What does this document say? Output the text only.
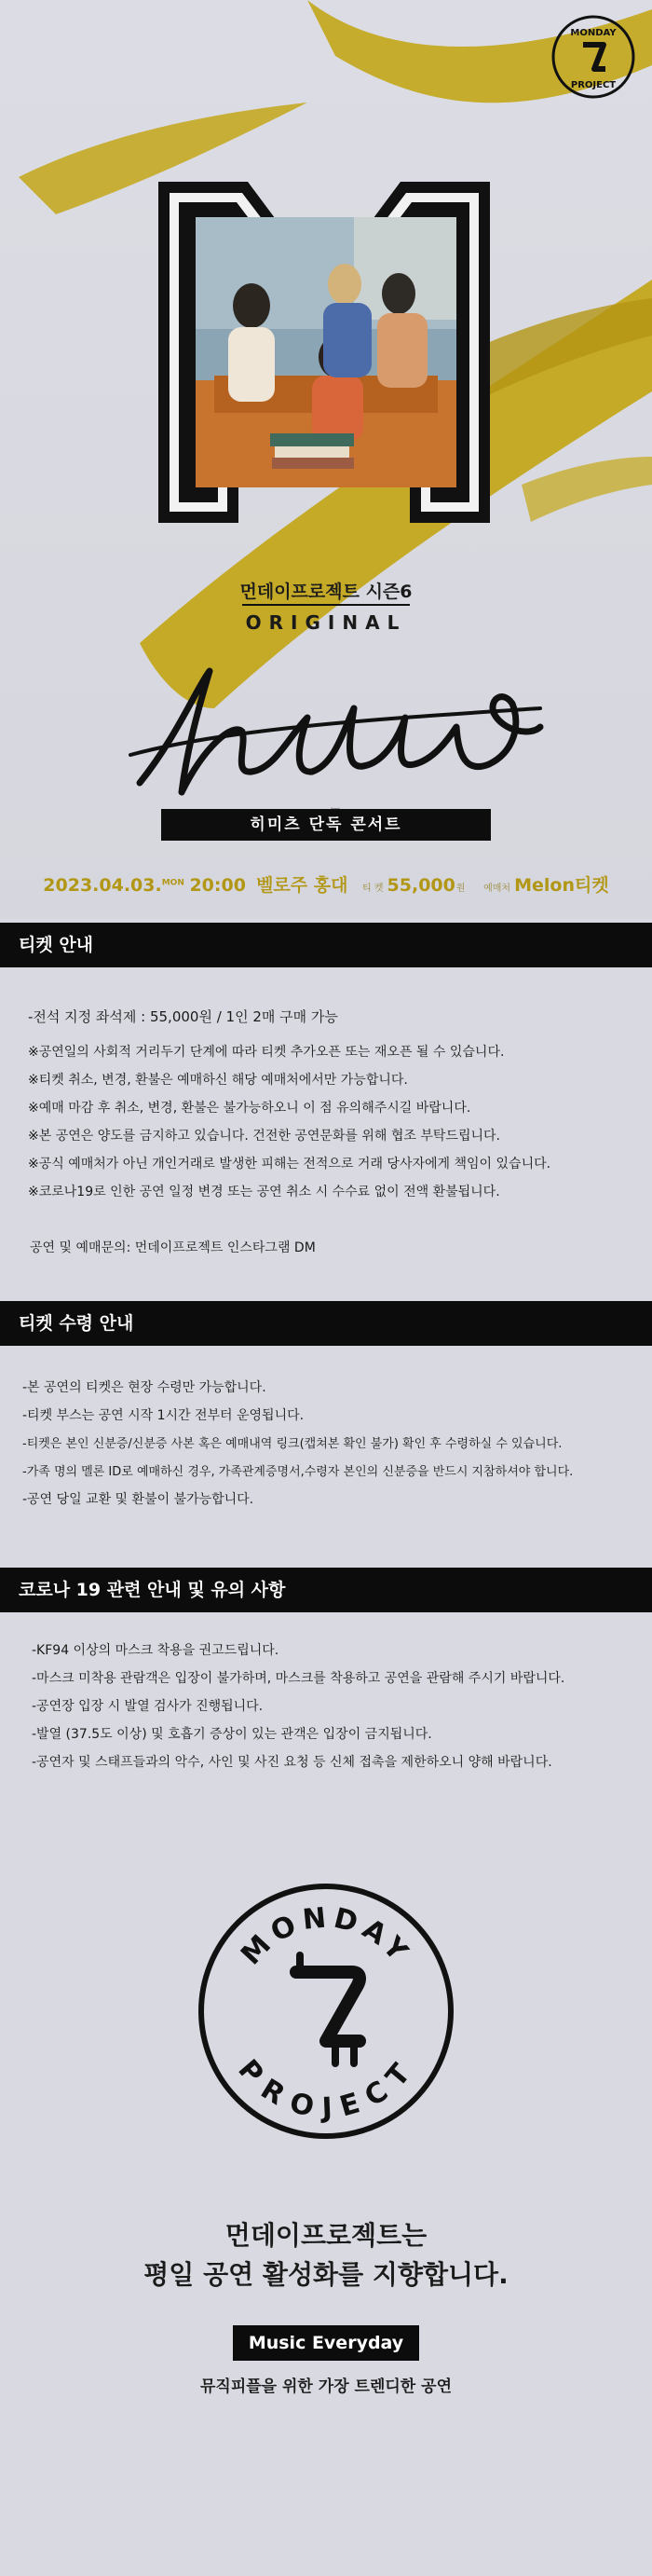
MONDAY
PROJECT
먼데이프로젝트 시즌6
ORIGINAL
히미츠 단독 콘서트
2023.04.03.$^{MON}$ 20:00 벨로주 홍대 티 켓 55,000원 예매처 Melon티켓
티켓 안내
-전석 지정 좌석제 : 55,000원 / 1인 2매 구매 가능
※공연일의 사회적 거리두기 단계에 따라 티켓 추가오픈 또는 재오픈 될 수 있습니다.
※티켓 취소, 변경, 환불은 예매하신 해당 예매처에서만 가능합니다.
※예매 마감 후 취소, 변경, 환불은 불가능하오니 이 점 유의해주시길 바랍니다.
※본 공연은 양도를 금지하고 있습니다. 건전한 공연문화를 위해 협조 부탁드립니다.
※공식 예매처가 아닌 개인거래로 발생한 피해는 전적으로 거래 당사자에게 책임이 있습니다.
※코로나19로 인한 공연 일정 변경 또는 공연 취소 시 수수료 없이 전액 환불됩니다.
공연 및 예매문의: 먼데이프로젝트 인스타그램 DM
티켓 수령 안내
-본 공연의 티켓은 현장 수령만 가능합니다.
-티켓 부스는 공연 시작 1시간 전부터 운영됩니다.
-티켓은 본인 신분증/신분증 사본 혹은 예매내역 링크(캡쳐본 확인 불가) 확인 후 수령하실 수 있습니다.
-가족 명의 멜론 ID로 예매하신 경우, 가족관계증명서,수령자 본인의 신분증을 반드시 지참하셔야 합니다.
-공연 당일 교환 및 환불이 불가능합니다.
코로나 19 관련 안내 및 유의 사항
-KF94 이상의 마스크 착용을 권고드립니다.
-마스크 미착용 관람객은 입장이 불가하며, 마스크를 착용하고 공연을 관람해 주시기 바랍니다.
-공연장 입장 시 발열 검사가 진행됩니다.
-발열 (37.5도 이상) 및 호흡기 증상이 있는 관객은 입장이 금지됩니다.
-공연자 및 스태프들과의 악수, 사인 및 사진 요청 등 신체 접촉을 제한하오니 양해 바랍니다.
MONDAY
PROJECT
먼데이프로젝트는
평일 공연 활성화를 지향합니다.
Music Everyday
뮤직피플을 위한 가장 트렌디한 공연
